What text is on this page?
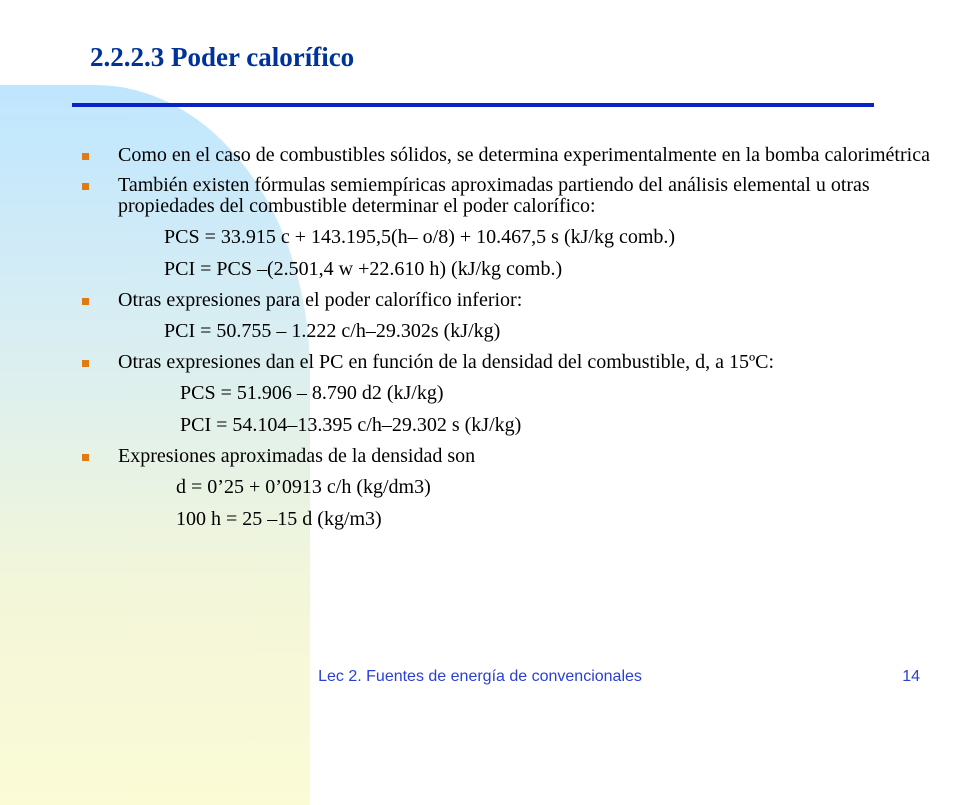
2.2.2.3 Poder calorífico
Como en el caso de combustibles sólidos, se determina experimentalmente en la bomba calorimétrica
También existen fórmulas semiempíricas aproximadas partiendo del análisis elemental u otras propiedades del combustible determinar el poder calorífico:
PCS = 33.915 c + 143.195,5(h– o/8) + 10.467,5 s (kJ/kg comb.)
PCI = PCS –(2.501,4 w +22.610 h) (kJ/kg comb.)
Otras expresiones para el poder calorífico inferior:
PCI = 50.755 – 1.222 c/h–29.302s (kJ/kg)
Otras expresiones dan el PC en función de la densidad del combustible, d, a 15ºC:
PCS = 51.906 – 8.790 d2 (kJ/kg)
PCI = 54.104–13.395 c/h–29.302 s (kJ/kg)
Expresiones aproximadas de la densidad son
d = 0’25 + 0’0913 c/h (kg/dm3)
100 h = 25 –15 d (kg/m3)
Lec 2. Fuentes de energía de convencionales	14
